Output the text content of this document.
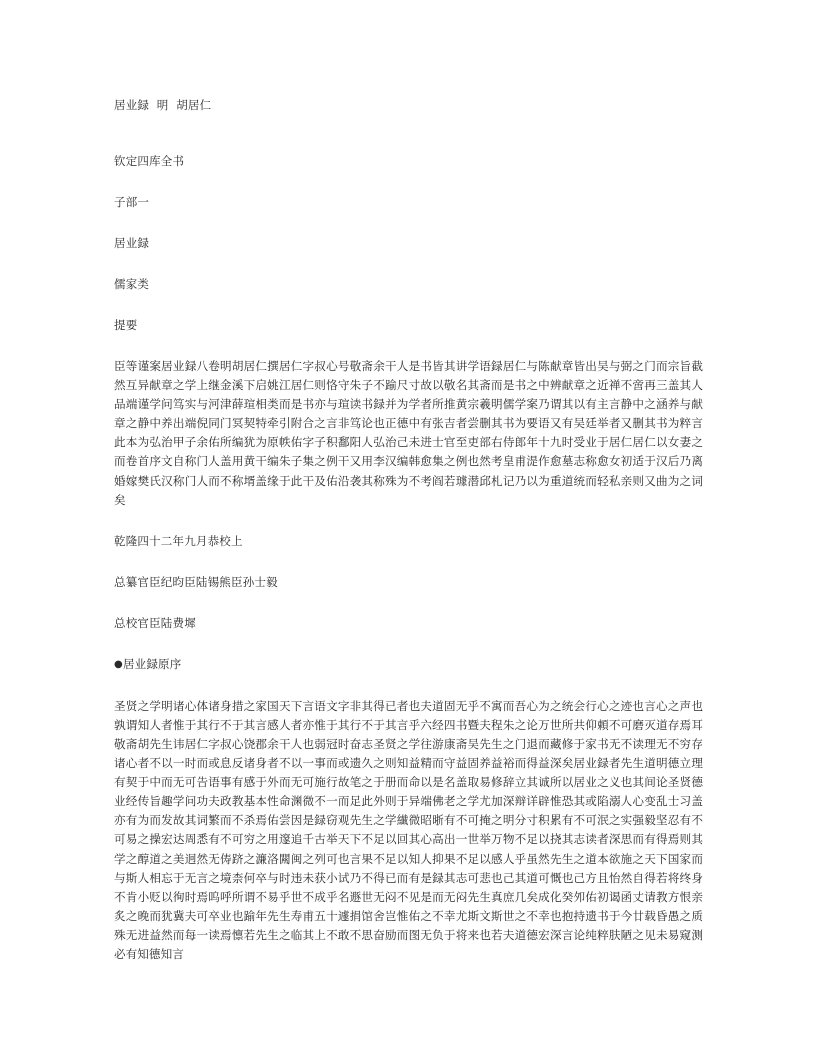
居业録  明  胡居仁
钦定四库全书
子部一
居业録
儒家类
提要

臣等谨案居业録八卷明胡居仁撰居仁字叔心号敬斋余干人是书皆其讲学语録居仁与陈献章皆出吴与弼之门而宗旨截然互异献章之学上继金溪下启姚江居仁则恪守朱子不踰尺寸故以敬名其斋而是书之中辨献章之近禅不啻再三盖其人品端谨学问笃实与河津薛瑄相类而是书亦与瑄读书録并为学者所推黄宗羲明儒学案乃谓其以有主言静中之涵养与献章之静中养出端倪同门冥契特牵引附合之言非笃论也正德中有张吉者尝删其书为要语又有吴廷举者又删其书为粹言此本为弘治甲子余佑所编犹为原帙佑字子积鄱阳人弘治己未进士官至吏部右侍郎年十九时受业于居仁居仁以女妻之而卷首序文自称门人盖用黄干编朱子集之例干又用李汉编韩愈集之例也然考皇甫湜作愈墓志称愈女初适于汉后乃离婚嫁樊氏汉称门人而不称壻盖缘于此干及佑沿袭其称殊为不考阎若璩潜邱札记乃以为重道统而轻私亲则又曲为之词矣

乾隆四十二年九月恭校上
总纂官臣纪昀臣陆锡熊臣孙士毅
总校官臣陆费墀
●居业録原序

圣贤之学明诸心体诸身措之家国天下言语文字非其得已者也夫道固无乎不寓而吾心为之统会行心之迹也言心之声也孰谓知人者惟于其行不于其言感人者亦惟于其行不于其言乎六经四书暨夫程朱之论万世所共仰頼不可磨灭道存焉耳敬斋胡先生讳居仁字叔心饶郡余干人也弱冠时奋志圣贤之学往游康斋吴先生之门退而藏修于家书无不读理无不穷存诸心者不以一时而或息反诸身者不以一事而或遗久之则知益精而守益固养益裕而得益深矣居业録者先生道明德立理有契于中而无可告语事有感于外而无可施行故笔之于册而命以是名盖取易修辞立其诚所以居业之义也其间论圣贤德业经传旨趣学问功夫政教基本性命渊微不一而足此外则于异端佛老之学尤加深辩详辟惟恐其或陷溺人心变乱士习盖亦有为而发故其词繁而不杀焉佑尝因是録窃观先生之学纎微昭晣有不可掩之明分寸积累有不可泯之实强毅坚忍有不可易之操宏达周悉有不可穷之用邃追千古举天下不足以回其心高出一世举万物不足以挠其志读者深思而有得焉则其学之醇道之美迥然无俦跻之濂洛闗闽之列可也言果不足以知人抑果不足以感人乎虽然先生之道本欲施之天下国家而与斯人相忘于无言之境柰何卒与时违未获小试乃不得已而有是録其志可悲也己其道可慨也己方且怡然自得若将终身不肯小贬以徇时焉呜呼所谓不易乎世不成乎名遯世无闷不见是而无闷先生真庶几矣成化癸夘佑初谒函丈请教方恨亲炙之晚而犹冀夫可卒业也踰年先生寿甫五十遽捐馆舍岂惟佑之不幸尤斯文斯世之不幸也抱持遗书于今廿载昏愚之质殊无进益然而每一读焉懔若先生之临其上不敢不思奋励而图无负于将来也若夫道德宏深言论纯粹肤陋之见未易窥测必有知德知言
